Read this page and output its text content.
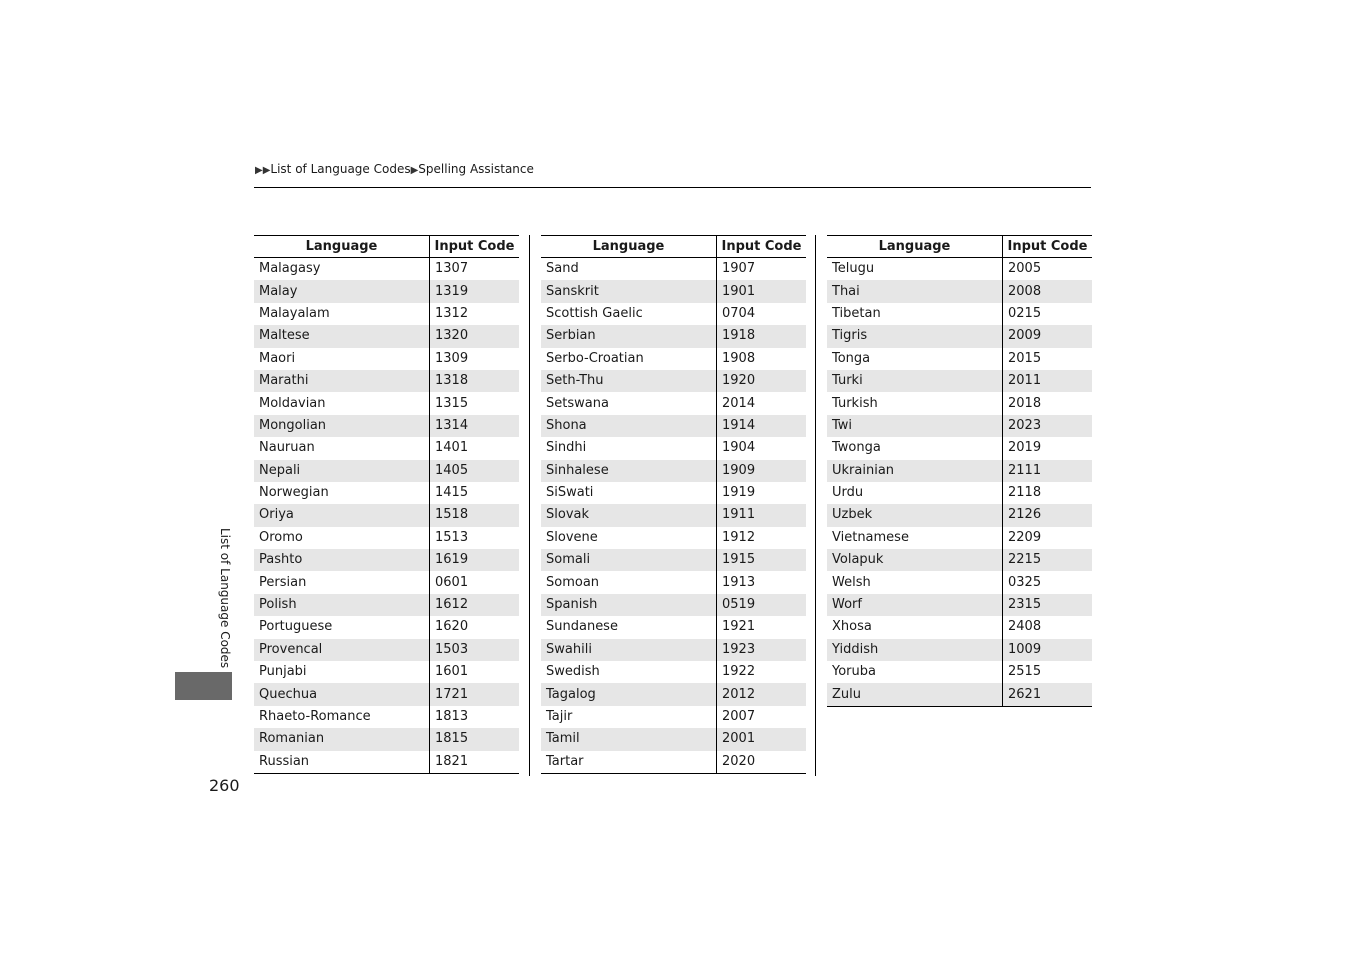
▶▶List of Language Codes▶Spelling Assistance
Language	Input Code
Malagasy	1307
Malay	1319
Malayalam	1312
Maltese	1320
Maori	1309
Marathi	1318
Moldavian	1315
Mongolian	1314
Nauruan	1401
Nepali	1405
Norwegian	1415
Oriya	1518
Oromo	1513
Pashto	1619
Persian	0601
Polish	1612
Portuguese	1620
Provencal	1503
Punjabi	1601
Quechua	1721
Rhaeto-Romance	1813
Romanian	1815
Russian	1821
Language	Input Code
Sand	1907
Sanskrit	1901
Scottish Gaelic	0704
Serbian	1918
Serbo-Croatian	1908
Seth-Thu	1920
Setswana	2014
Shona	1914
Sindhi	1904
Sinhalese	1909
SiSwati	1919
Slovak	1911
Slovene	1912
Somali	1915
Somoan	1913
Spanish	0519
Sundanese	1921
Swahili	1923
Swedish	1922
Tagalog	2012
Tajir	2007
Tamil	2001
Tartar	2020
Language	Input Code
Telugu	2005
Thai	2008
Tibetan	0215
Tigris	2009
Tonga	2015
Turki	2011
Turkish	2018
Twi	2023
Twonga	2019
Ukrainian	2111
Urdu	2118
Uzbek	2126
Vietnamese	2209
Volapuk	2215
Welsh	0325
Worf	2315
Xhosa	2408
Yiddish	1009
Yoruba	2515
Zulu	2621
List of Language Codes
260
